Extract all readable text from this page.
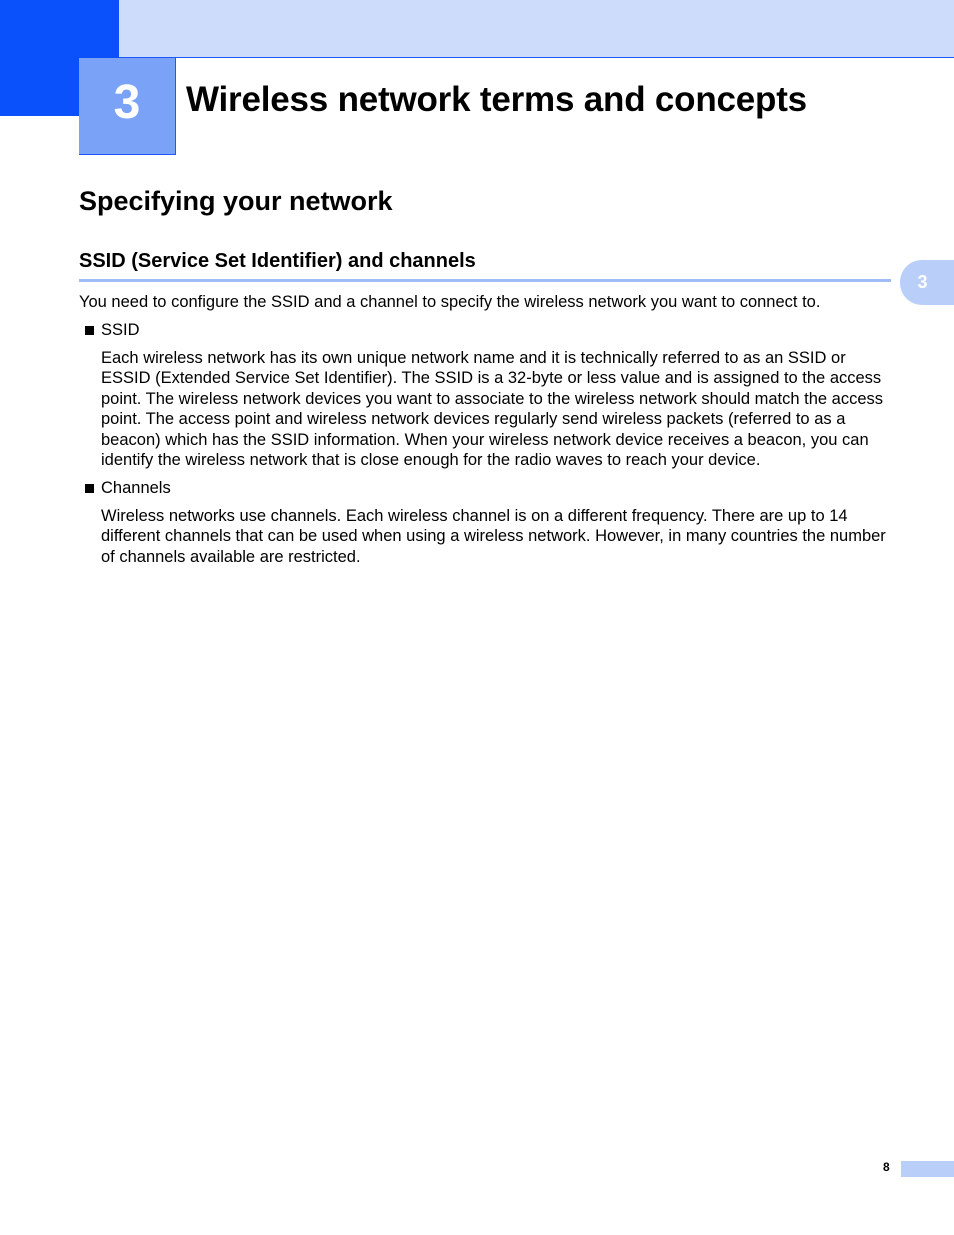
3 Wireless network terms and concepts
Specifying your network
SSID (Service Set Identifier) and channels
3
You need to configure the SSID and a channel to specify the wireless network you want to connect to.
SSID
Each wireless network has its own unique network name and it is technically referred to as an SSID or ESSID (Extended Service Set Identifier). The SSID is a 32-byte or less value and is assigned to the access point. The wireless network devices you want to associate to the wireless network should match the access point. The access point and wireless network devices regularly send wireless packets (referred to as a beacon) which has the SSID information. When your wireless network device receives a beacon, you can identify the wireless network that is close enough for the radio waves to reach your device.
Channels
Wireless networks use channels. Each wireless channel is on a different frequency. There are up to 14 different channels that can be used when using a wireless network. However, in many countries the number of channels available are restricted.
8
